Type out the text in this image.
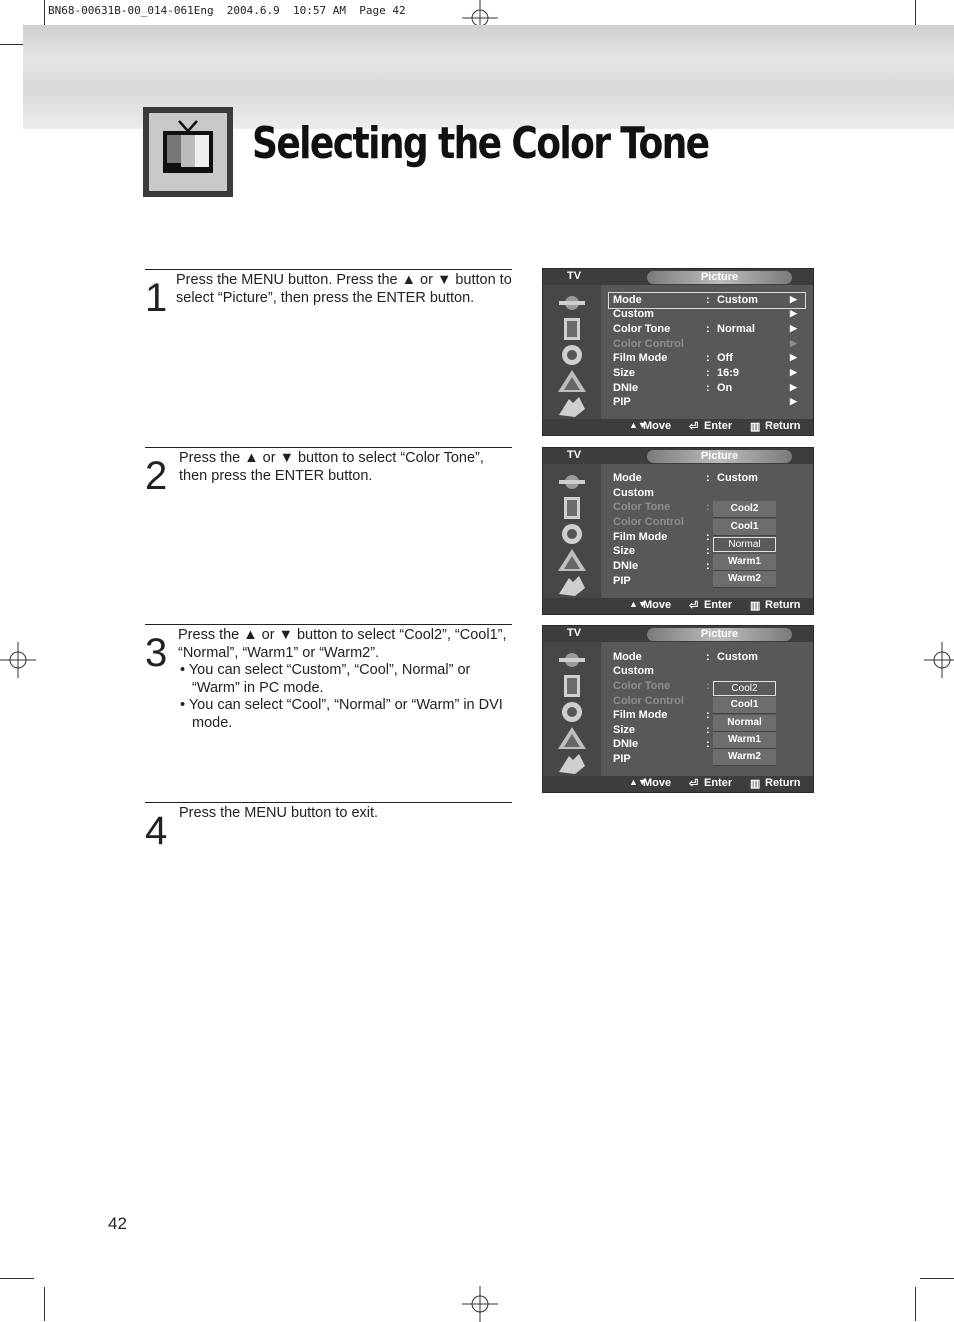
BN68-00631B-00_014-061Eng  2004.6.9  10:57 AM  Page 42
Selecting the Color Tone
1 Press the MENU button. Press the ▲ or ▼ button to select “Picture”, then press the ENTER button.
2 Press the ▲ or ▼ button to select “Color Tone”, then press the ENTER button.
3 Press the ▲ or ▼ button to select “Cool2”, “Cool1”, “Normal”, “Warm1” or “Warm2”.
• You can select “Custom”, “Cool”, Normal” or “Warm” in PC mode.
• You can select “Cool”, “Normal” or “Warm” in DVI mode.
4 Press the MENU button to exit.
TV	Picture
Mode	: Custom	▶
Custom	▶
Color Tone	: Normal	▶
Color Control	▶
Film Mode	: Off	▶
Size	: 16:9	▶
DNIe	: On	▶
PIP	▶
▲▼
Move ⏎ Enter ▥ Return
TV	Picture
Mode	: Custom
Custom
Color Tone	:
Color Control
Film Mode	:
Size	:
DNIe	:
PIP
Cool2
Cool1
Normal
Warm1
Warm2
▲▼
Move ⏎ Enter ▥ Return
TV	Picture
Mode	: Custom
Custom
Color Tone	:
Color Control
Film Mode	:
Size	:
DNIe	:
PIP
Cool2
Cool1
Normal
Warm1
Warm2
▲▼
Move ⏎ Enter ▥ Return
42
